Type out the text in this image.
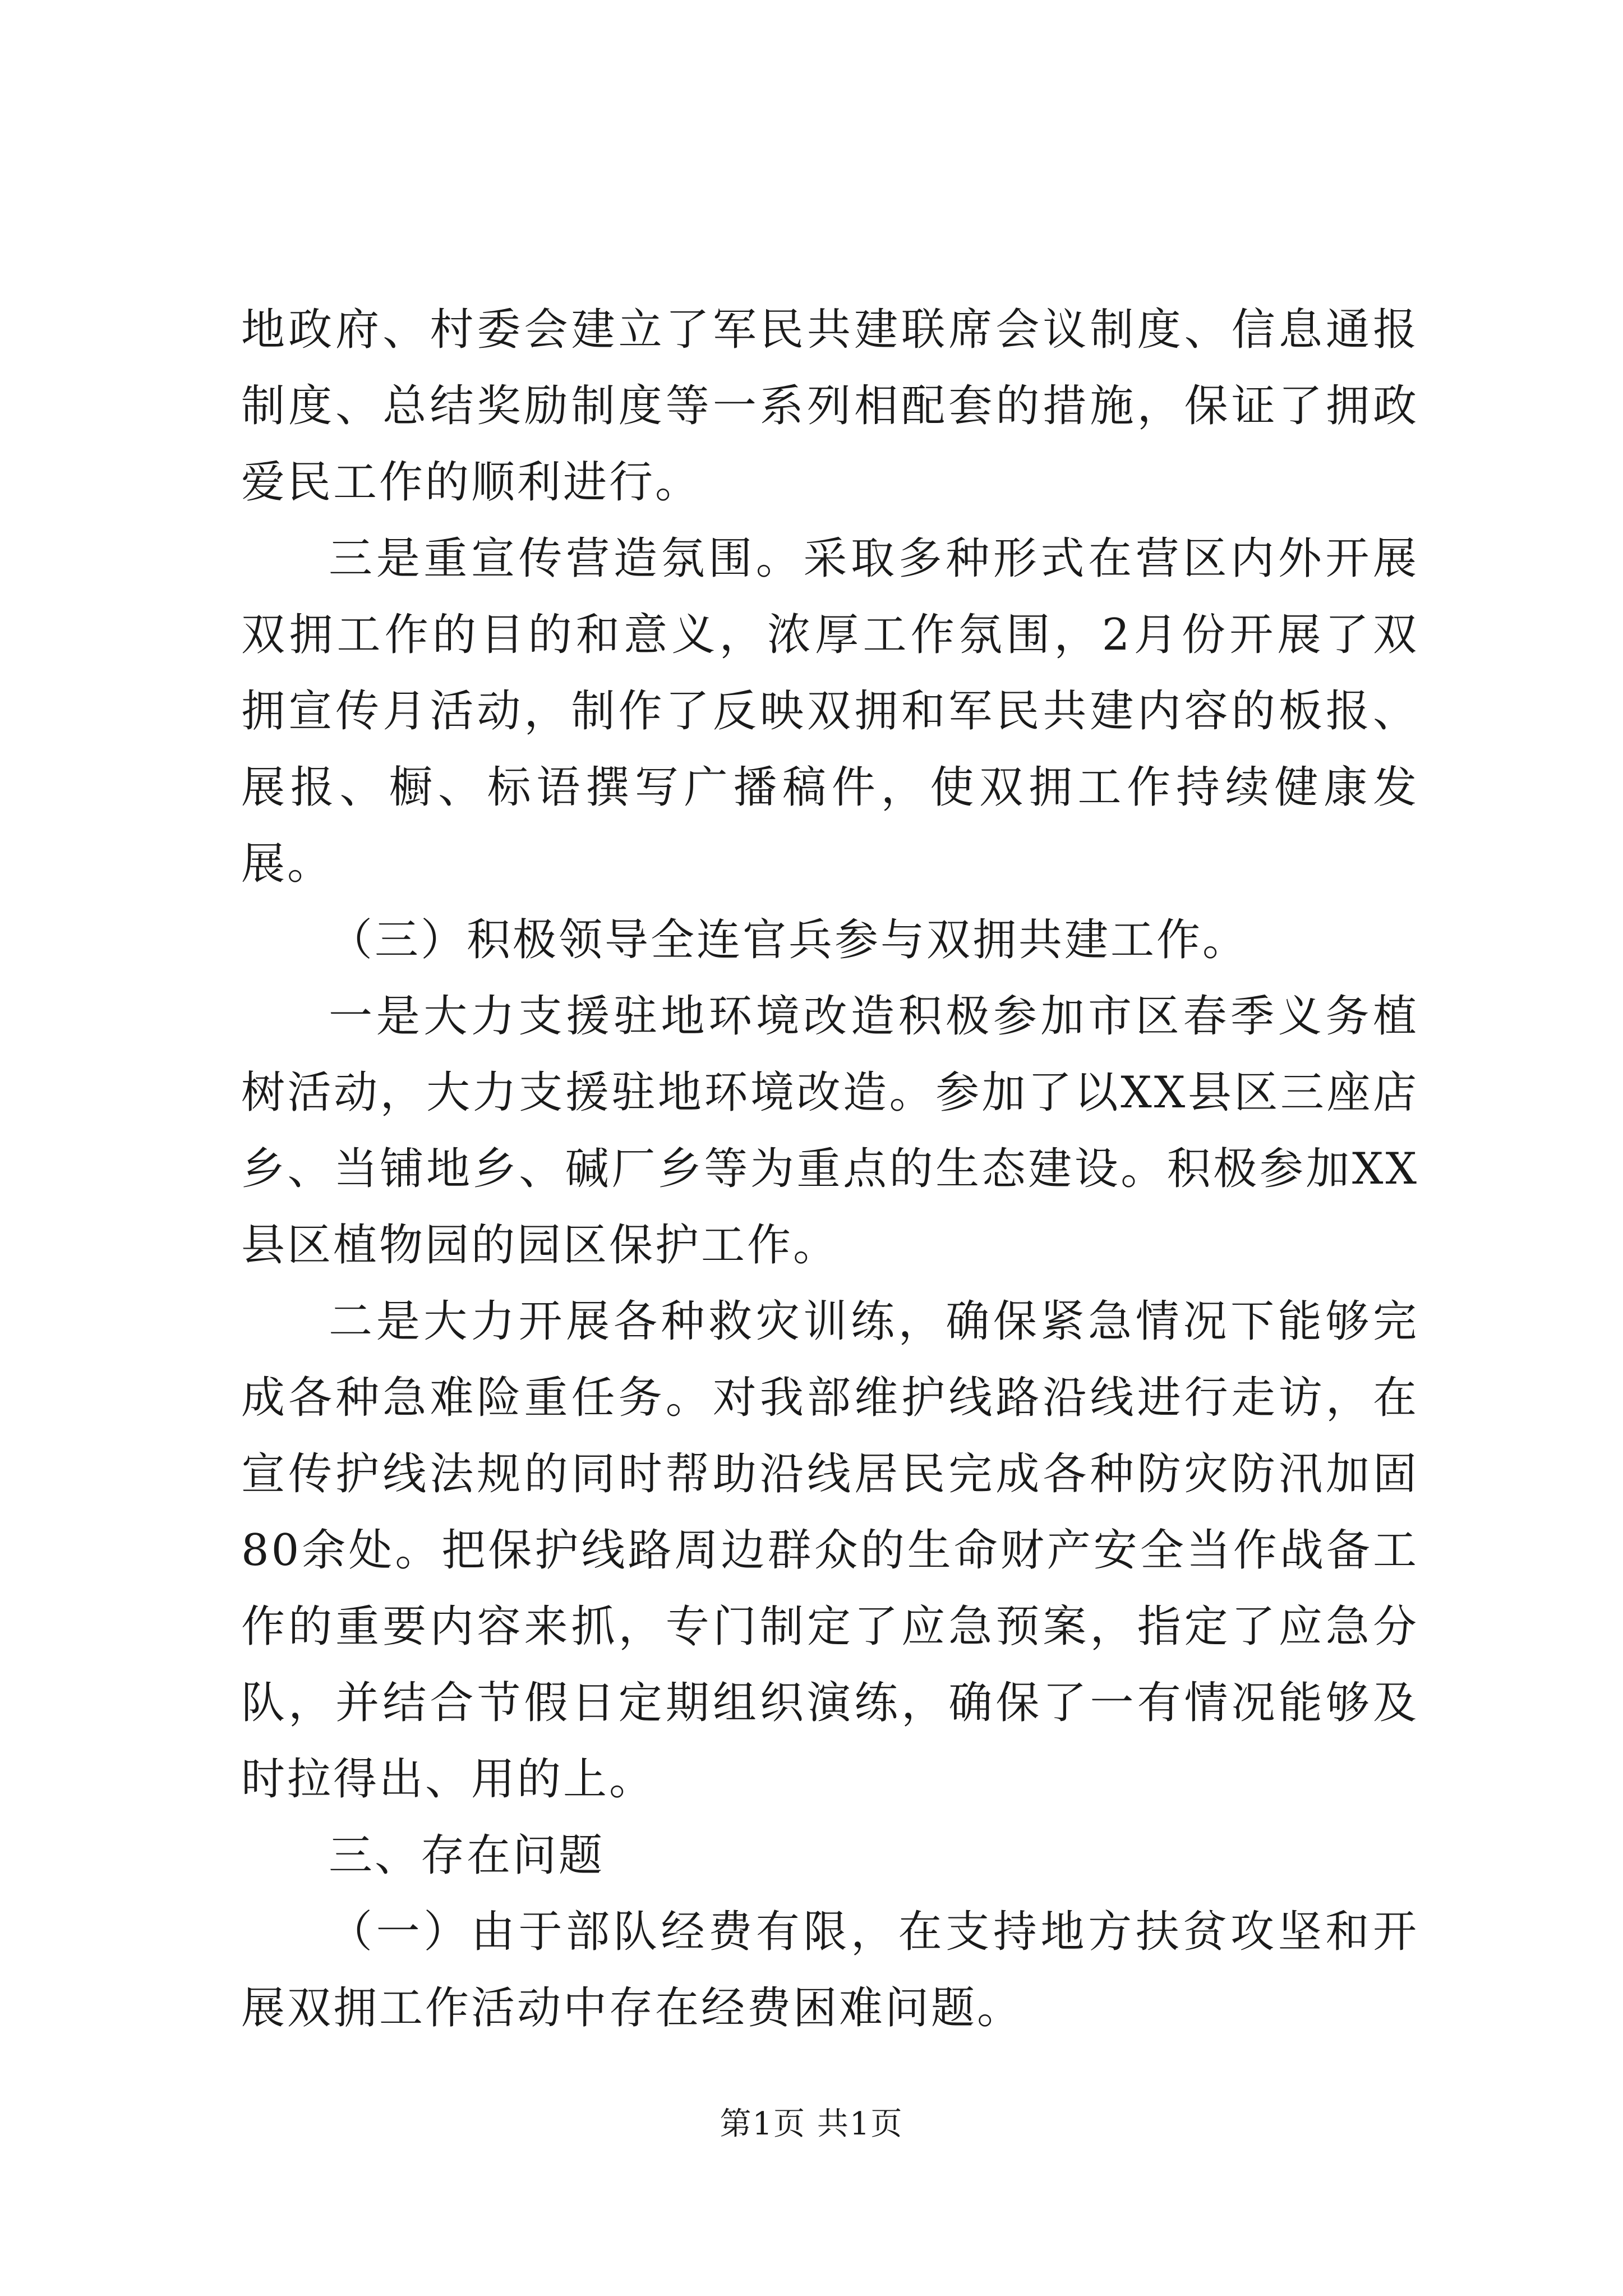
地政府、村委会建立了军民共建联席会议制度、信息通报制度、总结奖励制度等一系列相配套的措施，保证了拥政爱民工作的顺利进行。

三是重宣传营造氛围。采取多种形式在营区内外开展双拥工作的目的和意义，浓厚工作氛围，2月份开展了双拥宣传月活动，制作了反映双拥和军民共建内容的板报、展报、橱、标语撰写广播稿件，使双拥工作持续健康发展。

（三）积极领导全连官兵参与双拥共建工作。

一是大力支援驻地环境改造积极参加市区春季义务植树活动，大力支援驻地环境改造。参加了以XX县区三座店乡、当铺地乡、碱厂乡等为重点的生态建设。积极参加XX县区植物园的园区保护工作。

二是大力开展各种救灾训练，确保紧急情况下能够完成各种急难险重任务。对我部维护线路沿线进行走访，在宣传护线法规的同时帮助沿线居民完成各种防灾防汛加固80余处。把保护线路周边群众的生命财产安全当作战备工作的重要内容来抓，专门制定了应急预案，指定了应急分队，并结合节假日定期组织演练，确保了一有情况能够及时拉得出、用的上。

三、存在问题

（一）由于部队经费有限，在支持地方扶贫攻坚和开展双拥工作活动中存在经费困难问题。

第1页 共1页
